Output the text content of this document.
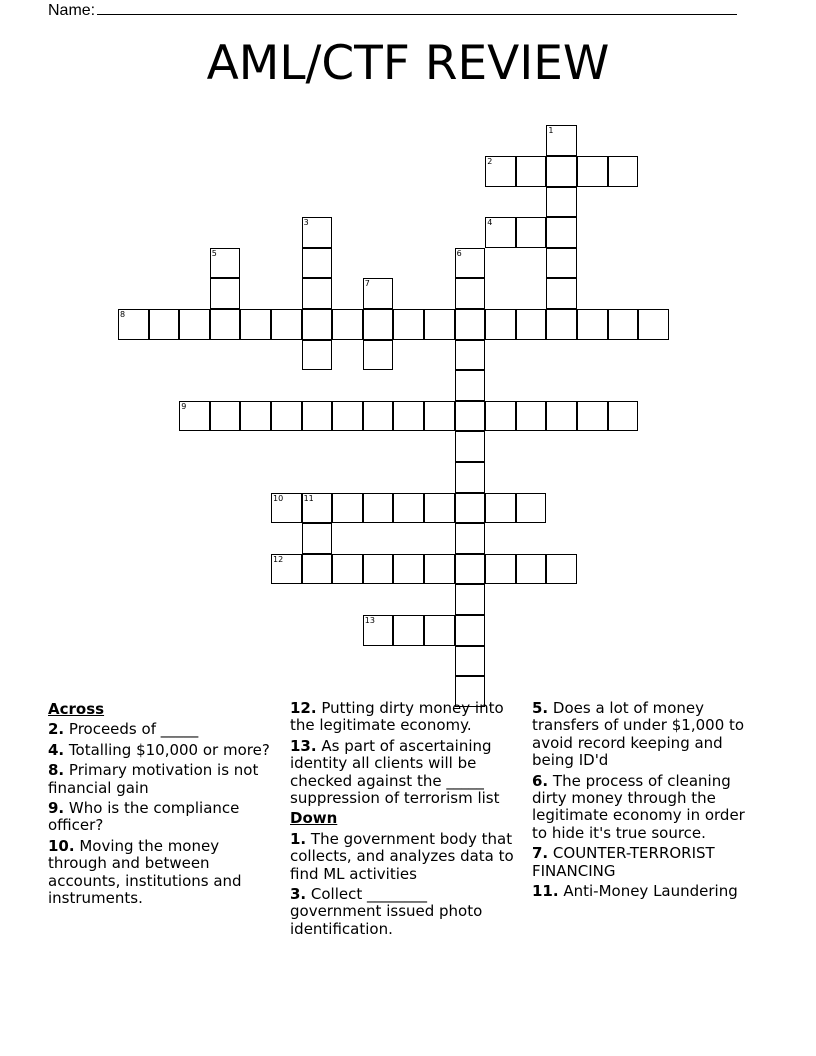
Name:
AML/CTF REVIEW
1
2
3	4
5	6
7
8
9
10	11
12
13
Across
2. Proceeds of _____
4. Totalling $10,000 or more?
8. Primary motivation is not financial gain
9. Who is the compliance officer?
10. Moving the money through and between accounts, institutions and instruments.
12. Putting dirty money into the legitimate economy.
13. As part of ascertaining identity all clients will be checked against the _____ suppression of terrorism list
Down
1. The government body that collects, and analyzes data to find ML activities
3. Collect ________ government issued photo identification.
5. Does a lot of money transfers of under $1,000 to avoid record keeping and being ID'd
6. The process of cleaning dirty money through the legitimate economy in order to hide it's true source.
7. COUNTER-TERRORIST FINANCING
11. Anti-Money Laundering
